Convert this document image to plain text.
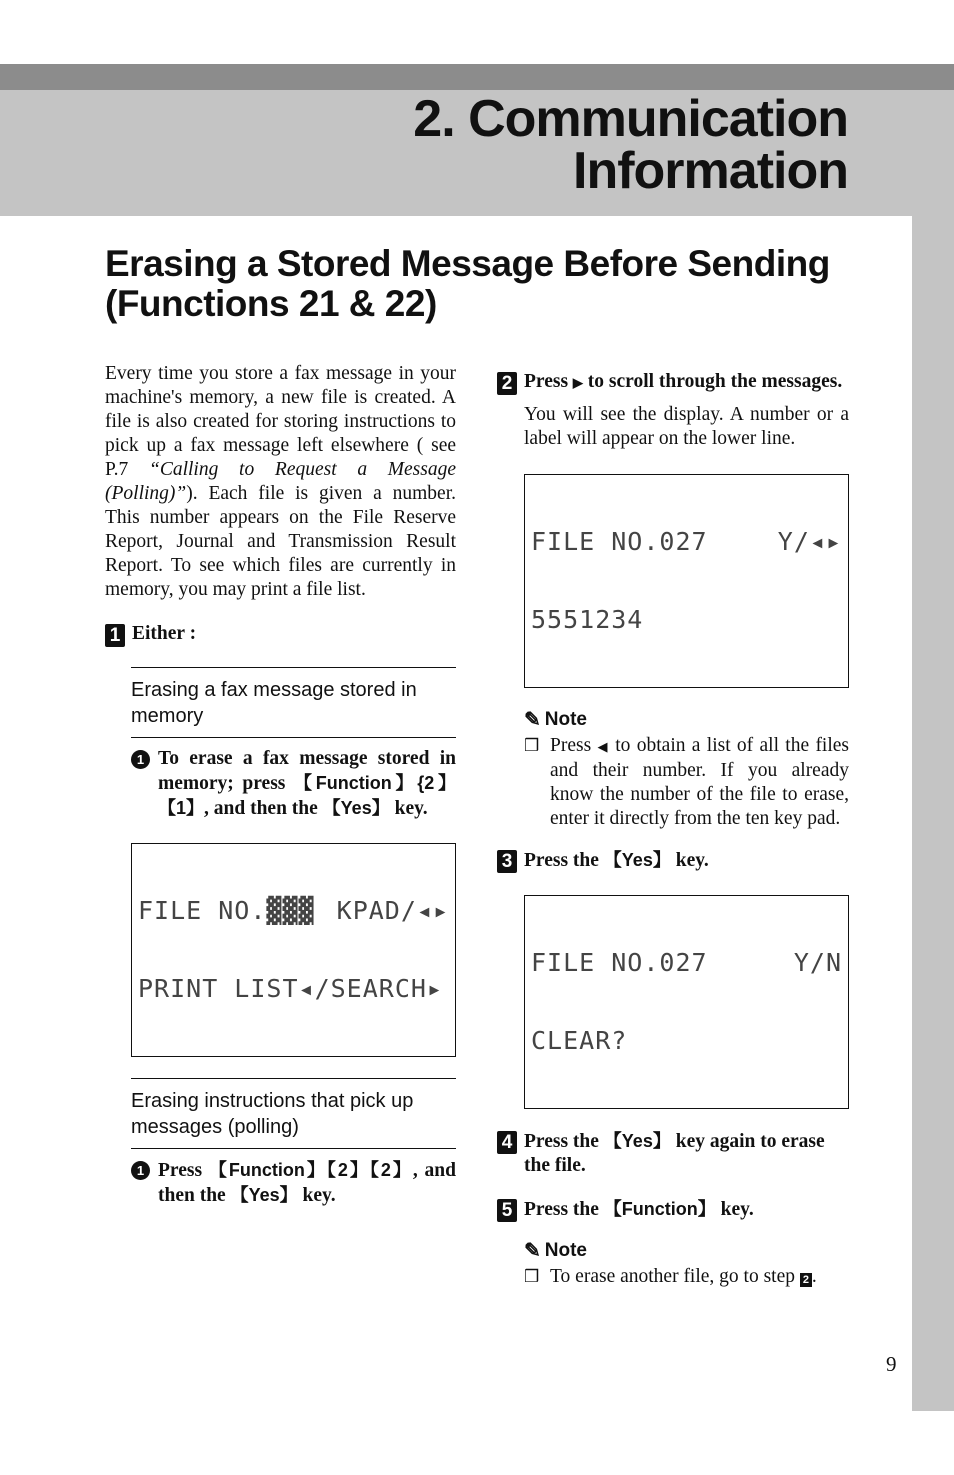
2. Communication
Information
Erasing a Stored Message Before Sending
(Functions 21 & 22)

Every time you store a fax message in your machine's memory, a new file is created. A file is also created for storing instructions to pick up a fax message left elsewhere ( see P.7 “Calling to Request a Message (Polling)”). Each file is given a number. This number appears on the File Reserve Report, Journal and Transmission Result Report. To see which files are currently in memory, you may print a file list.

1 Either :
Erasing a fax message stored in memory
1 To erase a fax message stored in memory; press 【Function】{2】 【1】, and then the 【Yes】 key.

FILE NO.▓▓▓ KPAD/◂▸

PRINT LIST◂/SEARCH▸

Erasing instructions that pick up messages (polling)
1 Press 【Function】【2】【2】, and then the 【Yes】 key.
2 Press ▶ to scroll through the messages.

You will see the display. A number or a label will appear on the lower line.

FILE NO.027	Y/◂▸

5551234

✎ Note
❒ Press ◀ to obtain a list of all the files and their number. If you already know the number of the file to erase, enter it directly from the ten key pad.
3 Press the 【Yes】 key.

FILE NO.027	Y/N

CLEAR?

4 Press the 【Yes】 key again to erase the file.
5 Press the 【Function】 key.
✎ Note
❒ To erase another file, go to step 2 .
9
